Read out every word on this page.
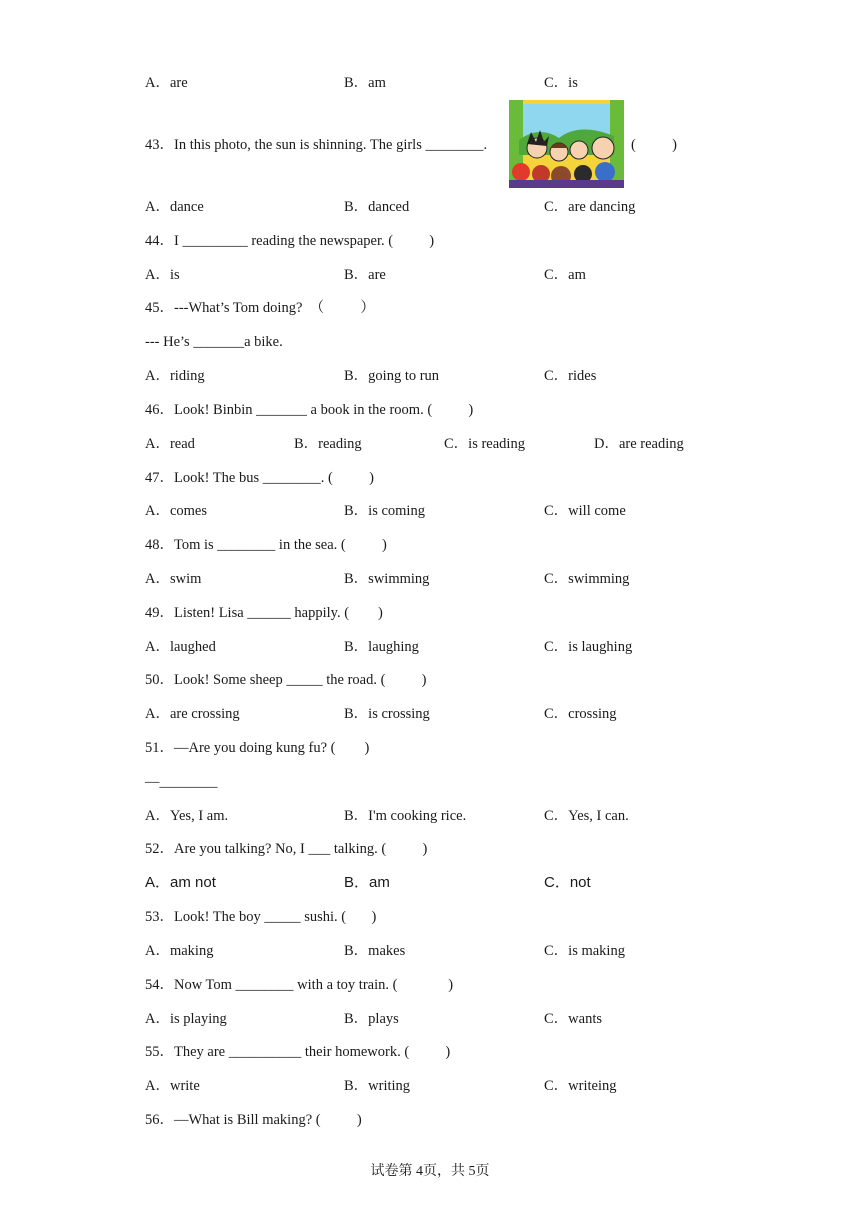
A．are	B．am	C．is
43．In this photo, the sun is shinning. The girls ________.	(          )
A．dance	B．danced	C．are dancing
44．I _________ reading the newspaper. (          )
A．is	B．are	C．am
45．---What’s Tom doing?  （          ）
--- He’s _______a bike.
A．riding	B．going to run	C．rides
46．Look! Binbin _______ a book in the room. (          )
A．read	B．reading	C．is reading	D．are reading
47．Look! The bus ________. (          )
A．comes	B．is coming	C．will come
48．Tom is ________ in the sea. (          )
A．swim	B．swimming	C．swimming
49．Listen! Lisa ______ happily. (        )
A．laughed	B．laughing	C．is laughing
50．Look! Some sheep _____ the road. (          )
A．are crossing	B．is crossing	C．crossing
51．—Are you doing kung fu? (        )
—________
A．Yes, I am.	B．I'm cooking rice.	C．Yes, I can.
52．Are you talking? No, I ___ talking. (          )
A．am not	B．am	C．not
53．Look! The boy _____ sushi. (       )
A．making	B．makes	C．is making
54．Now Tom ________ with a toy train. (              )
A．is playing	B．plays	C．wants
55．They are __________ their homework. (          )
A．write	B．writing	C．writeing
56．—What is Bill making? (          )
试卷第 4页，共 5页
